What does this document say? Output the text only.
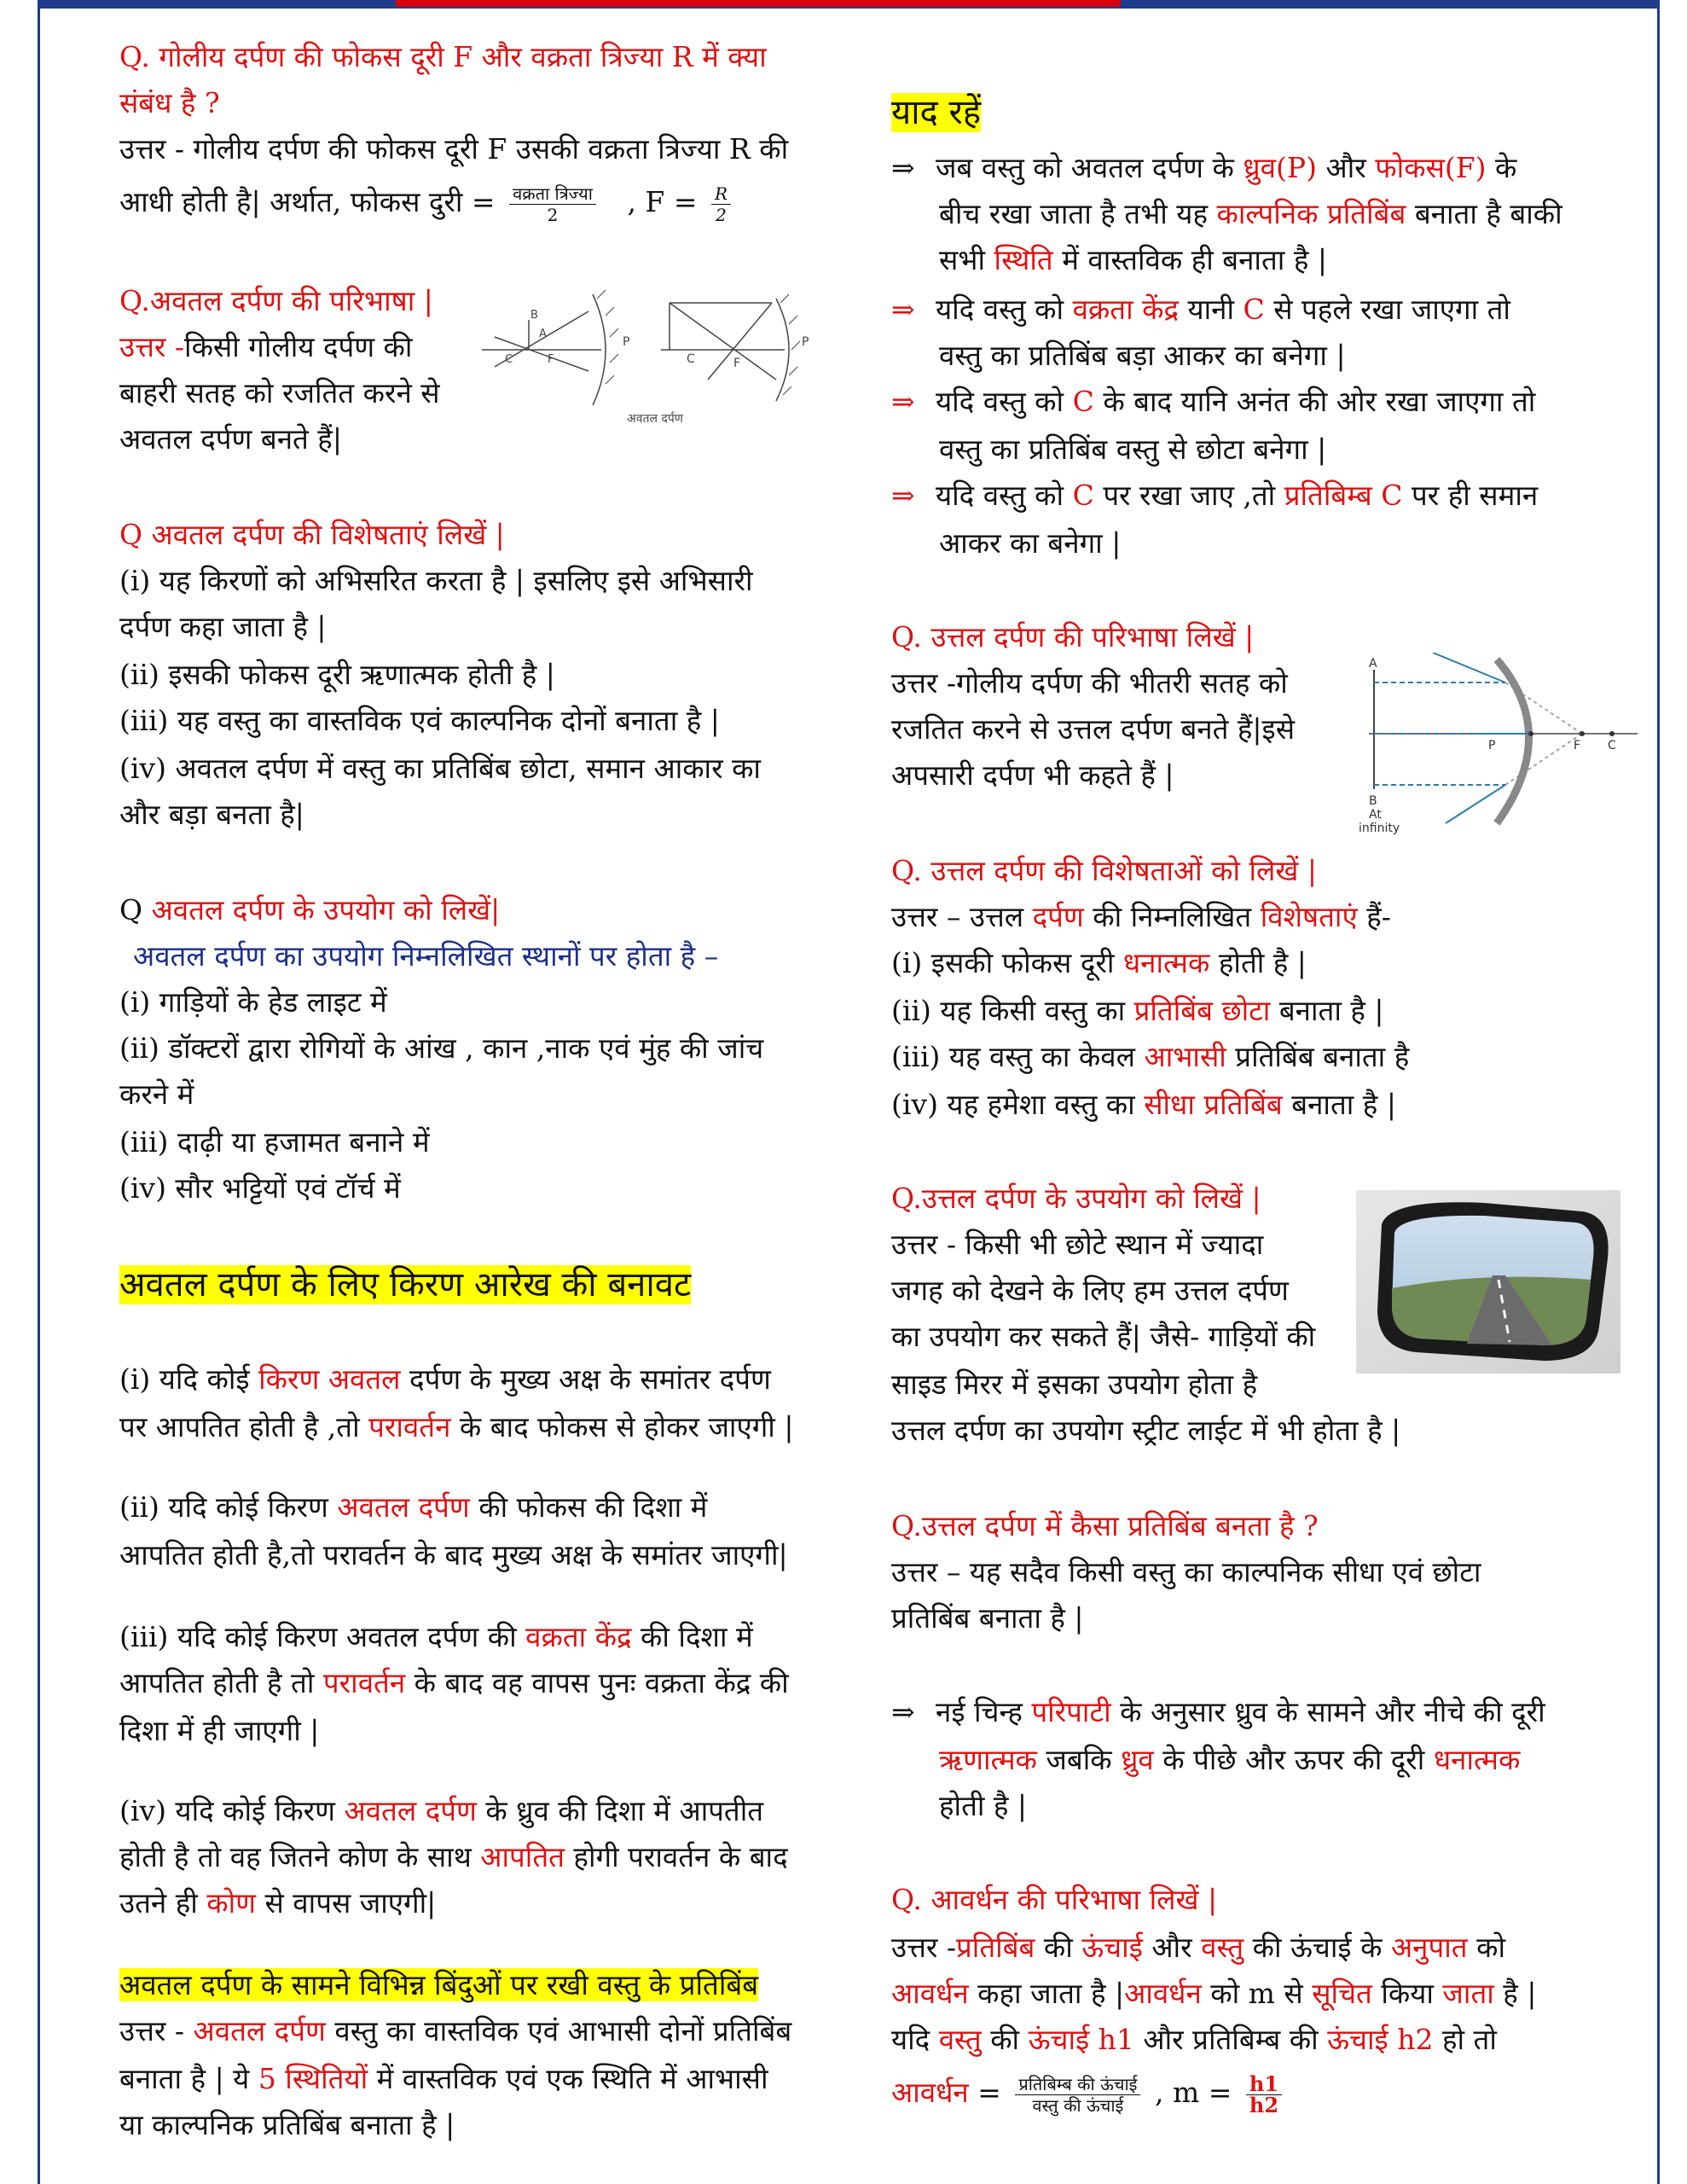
Q. गोलीय दर्पण की फोकस दूरी F और वक्रता त्रिज्या R में क्या
संबंध है ?
उत्तर - गोलीय दर्पण की फोकस दूरी F उसकी वक्रता त्रिज्या R की
आधी होती है| अर्थात, फोकस दुरी = $\frac{\text{वक्रता त्रिज्या}}{2}$ , $F = \frac{R}{2}$
Q.अवतल दर्पण की परिभाषा |
उत्तर -किसी गोलीय दर्पण की
बाहरी सतह को रजतित करने से
अवतल दर्पण बनते हैं|
Q अवतल दर्पण की विशेषताएं लिखें |
(i) यह किरणों को अभिसरित करता है | इसलिए इसे अभिसारी
दर्पण कहा जाता है |
(ii) इसकी फोकस दूरी ऋणात्मक होती है |
(iii) यह वस्तु का वास्तविक एवं काल्पनिक दोनों बनाता है |
(iv) अवतल दर्पण में वस्तु का प्रतिबिंब छोटा, समान आकार का
और बड़ा बनता है|
Q अवतल दर्पण के उपयोग को लिखें|
अवतल दर्पण का उपयोग निम्नलिखित स्थानों पर होता है –
(i) गाड़ियों के हेड लाइट में
(ii) डॉक्टरों द्वारा रोगियों के आंख , कान ,नाक एवं मुंह की जांच
करने में
(iii) दाढ़ी या हजामत बनाने में
(iv) सौर भट्टियों एवं टॉर्च में
अवतल दर्पण के लिए किरण आरेख की बनावट
(i) यदि कोई किरण अवतल दर्पण के मुख्य अक्ष के समांतर दर्पण
पर आपतित होती है ,तो परावर्तन के बाद फोकस से होकर जाएगी |
(ii) यदि कोई किरण अवतल दर्पण की फोकस की दिशा में
आपतित होती है,तो परावर्तन के बाद मुख्य अक्ष के समांतर जाएगी|
(iii) यदि कोई किरण अवतल दर्पण की वक्रता केंद्र की दिशा में
आपतित होती है तो परावर्तन के बाद वह वापस पुनः वक्रता केंद्र की
दिशा में ही जाएगी |
(iv) यदि कोई किरण अवतल दर्पण के ध्रुव की दिशा में आपतीत
होती है तो वह जितने कोण के साथ आपतित होगी परावर्तन के बाद
उतने ही कोण से वापस जाएगी|
अवतल दर्पण के सामने विभिन्न बिंदुओं पर रखी वस्तु के प्रतिबिंब
उत्तर - अवतल दर्पण वस्तु का वास्तविक एवं आभासी दोनों प्रतिबिंब
बनाता है | ये 5 स्थितियों में वास्तविक एवं एक स्थिति में आभासी
या काल्पनिक प्रतिबिंब बनाता है |
P
C	F
P
B
A
C	F
अवतल दर्पण
याद रहें
⇒ जब वस्तु को अवतल दर्पण के ध्रुव(P) और फोकस(F) के
बीच रखा जाता है तभी यह काल्पनिक प्रतिबिंब बनाता है बाकी
सभी स्थिति में वास्तविक ही बनाता है |
⇒ यदि वस्तु को वक्रता केंद्र यानी C से पहले रखा जाएगा तो
वस्तु का प्रतिबिंब बड़ा आकर का बनेगा |
⇒ यदि वस्तु को C के बाद यानि अनंत की ओर रखा जाएगा तो
वस्तु का प्रतिबिंब वस्तु से छोटा बनेगा |
⇒ यदि वस्तु को C पर रखा जाए ,तो प्रतिबिम्ब C पर ही समान
आकर का बनेगा |
Q. उत्तल दर्पण की परिभाषा लिखें |
उत्तर -गोलीय दर्पण की भीतरी सतह को
रजतित करने से उत्तल दर्पण बनते हैं|इसे
अपसारी दर्पण भी कहते हैं |
Q. उत्तल दर्पण की विशेषताओं को लिखें |
उत्तर – उत्तल दर्पण की निम्नलिखित विशेषताएं हैं-
(i) इसकी फोकस दूरी धनात्मक होती है |
(ii) यह किसी वस्तु का प्रतिबिंब छोटा बनाता है |
(iii) यह वस्तु का केवल आभासी प्रतिबिंब बनाता है
(iv) यह हमेशा वस्तु का सीधा प्रतिबिंब बनाता है |
Q.उत्तल दर्पण के उपयोग को लिखें |
उत्तर - किसी भी छोटे स्थान में ज्यादा
जगह को देखने के लिए हम उत्तल दर्पण
का उपयोग कर सकते हैं| जैसे- गाड़ियों की
साइड मिरर में इसका उपयोग होता है
उत्तल दर्पण का उपयोग स्ट्रीट लाईट में भी होता है |
Q.उत्तल दर्पण में कैसा प्रतिबिंब बनता है ?
उत्तर – यह सदैव किसी वस्तु का काल्पनिक सीधा एवं छोटा
प्रतिबिंब बनाता है |
⇒ नई चिन्ह परिपाटी के अनुसार ध्रुव के सामने और नीचे की दूरी
ऋणात्मक जबकि ध्रुव के पीछे और ऊपर की दूरी धनात्मक
होती है |
Q. आवर्धन की परिभाषा लिखें |
उत्तर -प्रतिबिंब की ऊंचाई और वस्तु की ऊंचाई के अनुपात को
आवर्धन कहा जाता है |आवर्धन को m से सूचित किया जाता है |
यदि वस्तु की ऊंचाई h1 और प्रतिबिम्ब की ऊंचाई h2 हो तो
आवर्धन = $\frac{\text{प्रतिबिम्ब की ऊंचाई}}{\text{वस्तु की ऊंचाई}}$ , $m = \frac{h1}{h2}$
A
B
At
infinity
P	F C
